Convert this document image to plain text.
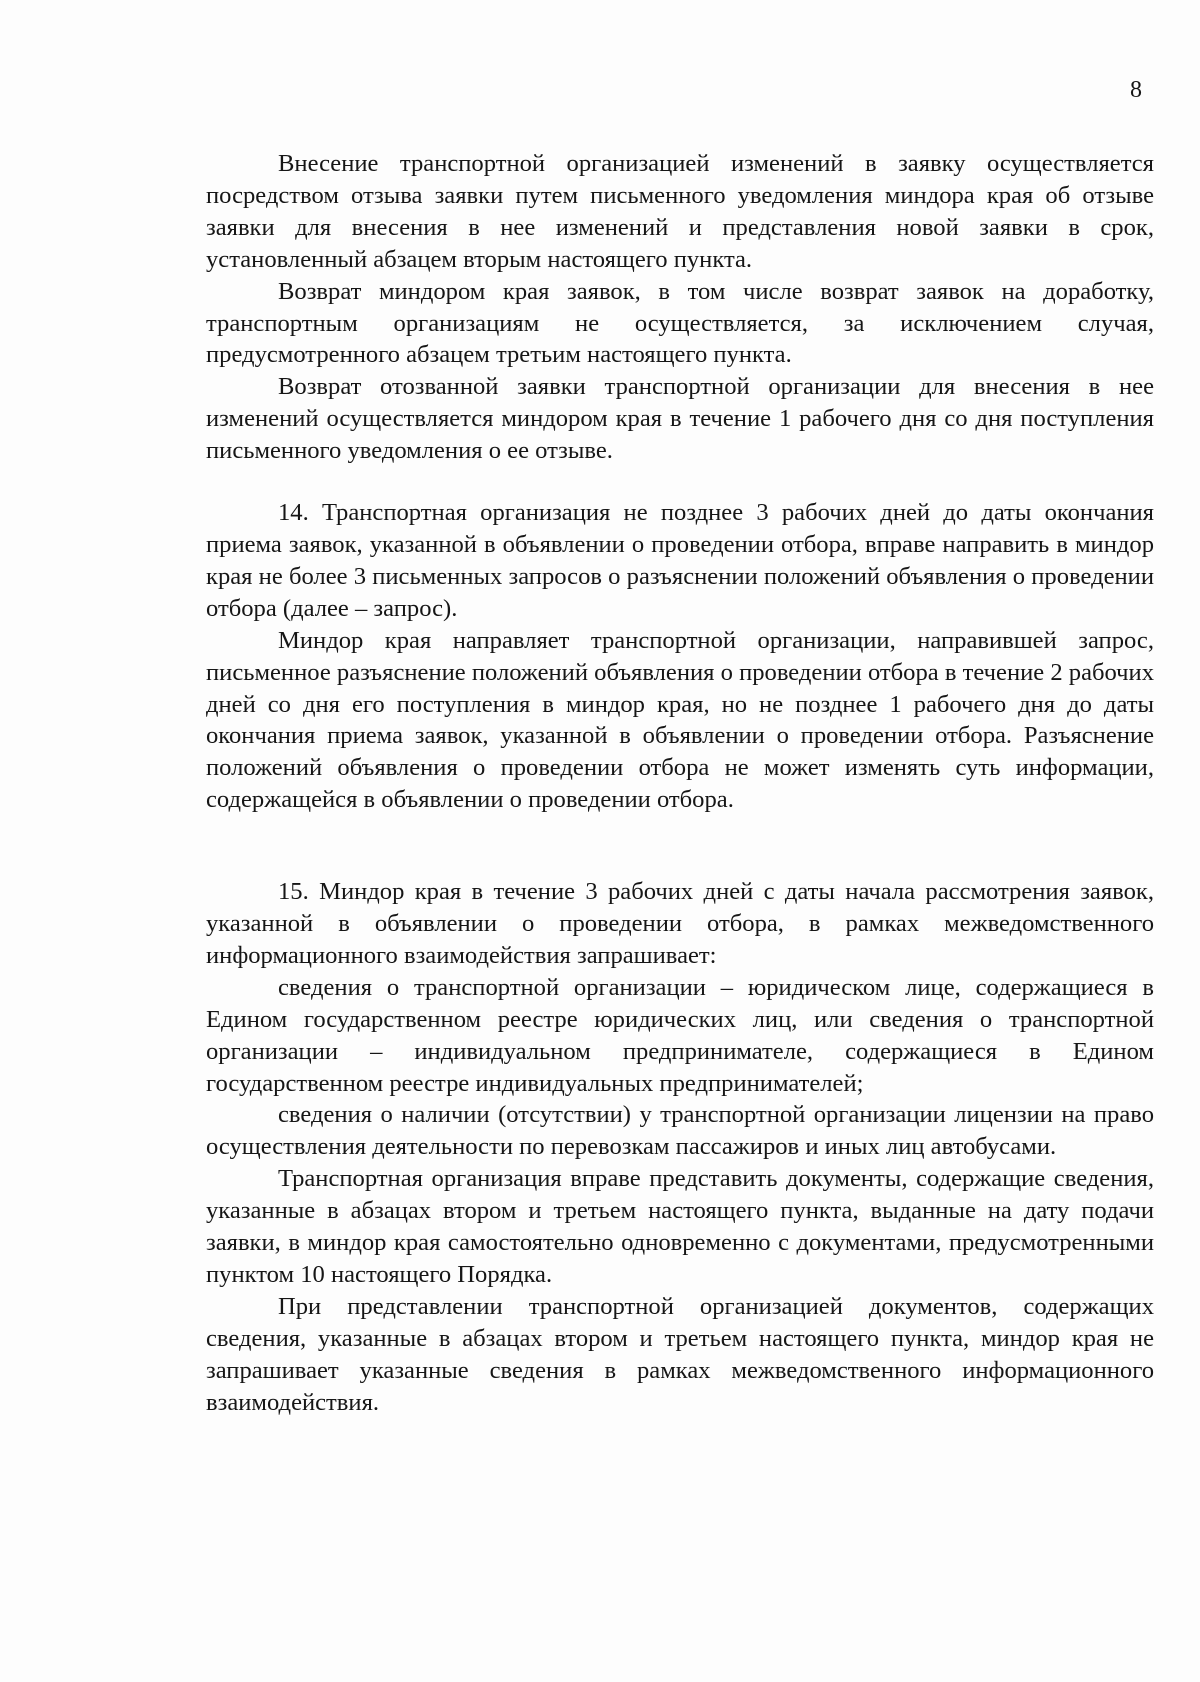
8

Внесение транспортной организацией изменений в заявку осуществляется посредством отзыва заявки путем письменного уведомления миндора края об отзыве заявки для внесения в нее изменений и представления новой заявки в срок, установленный абзацем вторым настоящего пункта.

Возврат миндором края заявок, в том числе возврат заявок на доработку, транспортным организациям не осуществляется, за исключением случая, предусмотренного абзацем третьим настоящего пункта.

Возврат отозванной заявки транспортной организации для внесения в нее изменений осуществляется миндором края в течение 1 рабочего дня со дня поступления письменного уведомления о ее отзыве.

14. Транспортная организация не позднее 3 рабочих дней до даты окончания приема заявок, указанной в объявлении о проведении отбора, вправе направить в миндор края не более 3 письменных запросов о разъяснении положений объявления о проведении отбора (далее – запрос).

Миндор края направляет транспортной организации, направившей запрос, письменное разъяснение положений объявления о проведении отбора в течение 2 рабочих дней со дня его поступления в миндор края, но не позднее 1 рабочего дня до даты окончания приема заявок, указанной в объявлении о проведении отбора. Разъяснение положений объявления о проведении отбора не может изменять суть информации, содержащейся в объявлении о проведении отбора.

15. Миндор края в течение 3 рабочих дней с даты начала рассмотрения заявок, указанной в объявлении о проведении отбора, в рамках межведомственного информационного взаимодействия запрашивает:

сведения о транспортной организации – юридическом лице, содержащиеся в Едином государственном реестре юридических лиц, или сведения о транспортной организации – индивидуальном предпринимателе, содержащиеся в Едином государственном реестре индивидуальных предпринимателей;

сведения о наличии (отсутствии) у транспортной организации лицензии на право осуществления деятельности по перевозкам пассажиров и иных лиц автобусами.

Транспортная организация вправе представить документы, содержащие сведения, указанные в абзацах втором и третьем настоящего пункта, выданные на дату подачи заявки, в миндор края самостоятельно одновременно с документами, предусмотренными пунктом 10 настоящего Порядка.

При представлении транспортной организацией документов, содержащих сведения, указанные в абзацах втором и третьем настоящего пункта, миндор края не запрашивает указанные сведения в рамках межведомственного информационного взаимодействия.
